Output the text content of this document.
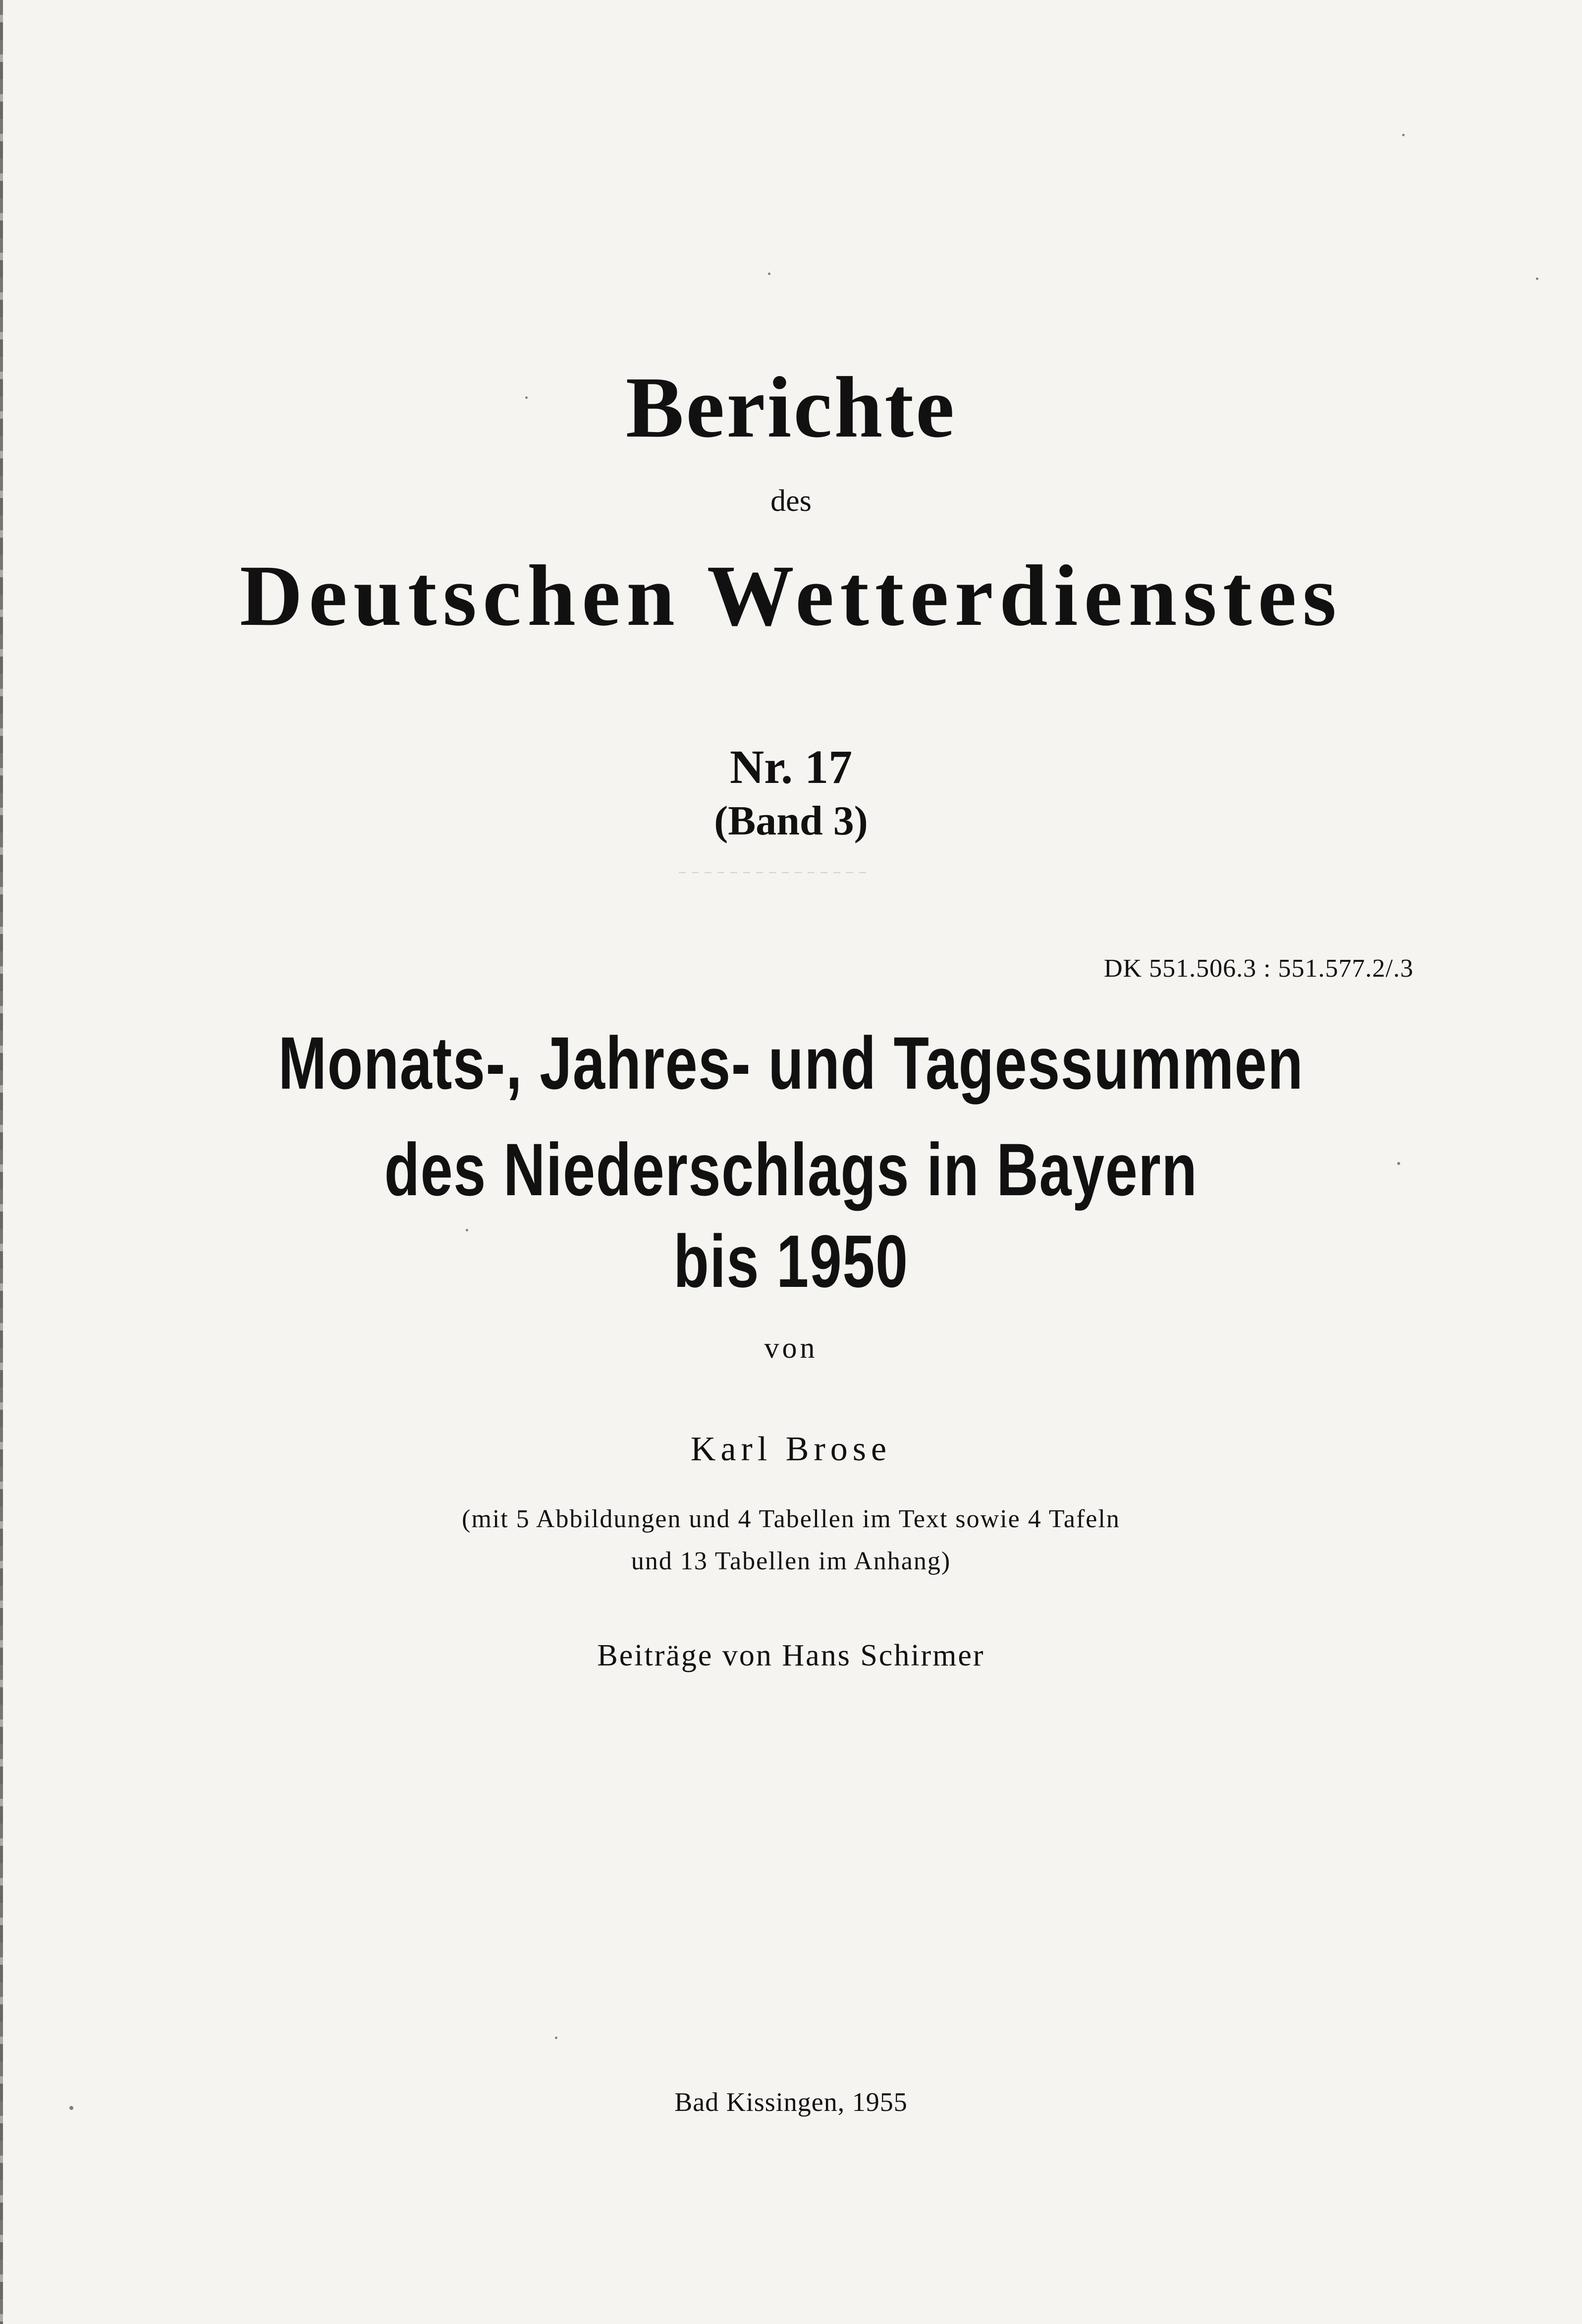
Berichte
des
Deutschen Wetterdienstes
Nr. 17
(Band 3)
DK 551.506.3 : 551.577.2/.3
Monats-, Jahres- und Tagessummen
des Niederschlags in Bayern
bis 1950
von
Karl Brose
(mit 5 Abbildungen und 4 Tabellen im Text sowie 4 Tafeln
und 13 Tabellen im Anhang)
Beiträge von Hans Schirmer
Bad Kissingen, 1955
